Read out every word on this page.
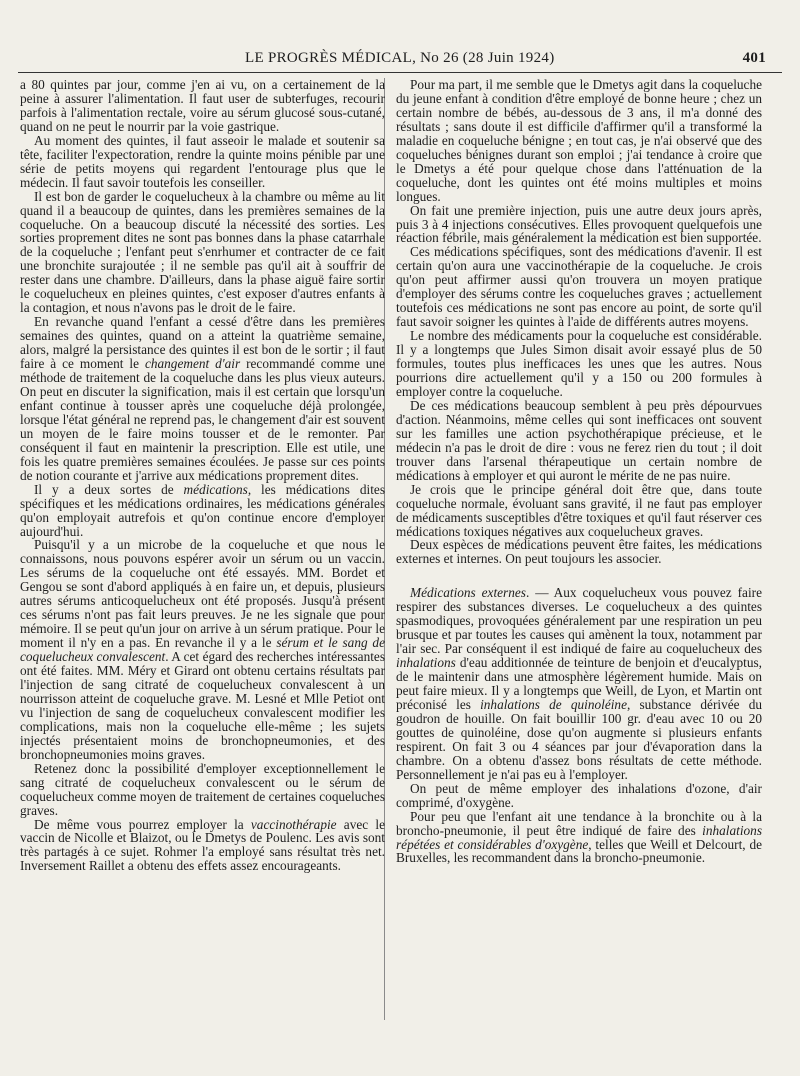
LE PROGRÈS MÉDICAL, No 26 (28 Juin 1924)	401

a 80 quintes par jour, comme j'en ai vu, on a certainement de la peine à assurer l'alimentation. Il faut user de subterfuges, recourir parfois à l'alimentation rectale, voire au sérum glucosé sous-cutané, quand on ne peut le nourrir par la voie gastrique.

Au moment des quintes, il faut asseoir le malade et soutenir sa tête, faciliter l'expectoration, rendre la quinte moins pénible par une série de petits moyens qui regardent l'entourage plus que le médecin. Il faut savoir toutefois les conseiller.

Il est bon de garder le coquelucheux à la chambre ou même au lit quand il a beaucoup de quintes, dans les premières semaines de la coqueluche. On a beaucoup discuté la nécessité des sorties. Les sorties proprement dites ne sont pas bonnes dans la phase catarrhale de la coqueluche ; l'enfant peut s'enrhumer et contracter de ce fait une bronchite surajoutée ; il ne semble pas qu'il ait à souffrir de rester dans une chambre. D'ailleurs, dans la phase aiguë faire sortir le coquelucheux en pleines quintes, c'est exposer d'autres enfants à la contagion, et nous n'avons pas le droit de le faire.

En revanche quand l'enfant a cessé d'être dans les premières semaines des quintes, quand on a atteint la quatrième semaine, alors, malgré la persistance des quintes il est bon de le sortir ; il faut faire à ce moment le changement d'air recommandé comme une méthode de traitement de la coqueluche dans les plus vieux auteurs. On peut en discuter la signification, mais il est certain que lorsqu'un enfant continue à tousser après une coqueluche déjà prolongée, lorsque l'état général ne reprend pas, le changement d'air est souvent un moyen de le faire moins tousser et de le remonter. Par conséquent il faut en maintenir la prescription. Elle est utile, une fois les quatre premières semaines écoulées. Je passe sur ces points de notion courante et j'arrive aux médications proprement dites.

Il y a deux sortes de médications, les médications dites spécifiques et les médications ordinaires, les médications générales qu'on employait autrefois et qu'on continue encore d'employer aujourd'hui.

Puisqu'il y a un microbe de la coqueluche et que nous le connaissons, nous pouvons espérer avoir un sérum ou un vaccin. Les sérums de la coqueluche ont été essayés. MM. Bordet et Gengou se sont d'abord appliqués à en faire un, et depuis, plusieurs autres sérums anticoquelucheux ont été proposés. Jusqu'à présent ces sérums n'ont pas fait leurs preuves. Je ne les signale que pour mémoire. Il se peut qu'un jour on arrive à un sérum pratique. Pour le moment il n'y en a pas. En revanche il y a le sérum et le sang de coquelucheux convalescent. A cet égard des recherches intéressantes ont été faites. MM. Méry et Girard ont obtenu certains résultats par l'injection de sang citraté de coquelucheux convalescent à un nourrisson atteint de coqueluche grave. M. Lesné et Mlle Petiot ont vu l'injection de sang de coquelucheux convalescent modifier les complications, mais non la coqueluche elle-même ; les sujets injectés présentaient moins de bronchopneumonies, et des bronchopneumonies moins graves.

Retenez donc la possibilité d'employer exceptionnellement le sang citraté de coquelucheux convalescent ou le sérum de coquelucheux comme moyen de traitement de certaines coqueluches graves.

De même vous pourrez employer la vaccinothérapie avec le vaccin de Nicolle et Blaizot, ou le Dmetys de Poulenc. Les avis sont très partagés à ce sujet. Rohmer l'a employé sans résultat très net. Inversement Raillet a obtenu des effets assez encourageants.

Pour ma part, il me semble que le Dmetys agit dans la coqueluche du jeune enfant à condition d'être employé de bonne heure ; chez un certain nombre de bébés, au-dessous de 3 ans, il m'a donné des résultats ; sans doute il est difficile d'affirmer qu'il a transformé la maladie en coqueluche bénigne ; en tout cas, je n'ai observé que des coqueluches bénignes durant son emploi ; j'ai tendance à croire que le Dmetys a été pour quelque chose dans l'atténuation de la coqueluche, dont les quintes ont été moins multiples et moins longues.

On fait une première injection, puis une autre deux jours après, puis 3 à 4 injections consécutives. Elles provoquent quelquefois une réaction fébrile, mais généralement la médication est bien supportée.

Ces médications spécifiques, sont des médications d'avenir. Il est certain qu'on aura une vaccinothérapie de la coqueluche. Je crois qu'on peut affirmer aussi qu'on trouvera un moyen pratique d'employer des sérums contre les coqueluches graves ; actuellement toutefois ces médications ne sont pas encore au point, de sorte qu'il faut savoir soigner les quintes à l'aide de différents autres moyens.

Le nombre des médicaments pour la coqueluche est considérable. Il y a longtemps que Jules Simon disait avoir essayé plus de 50 formules, toutes plus inefficaces les unes que les autres. Nous pourrions dire actuellement qu'il y a 150 ou 200 formules à employer contre la coqueluche.

De ces médications beaucoup semblent à peu près dépourvues d'action. Néanmoins, même celles qui sont inefficaces ont souvent sur les familles une action psychothérapique précieuse, et le médecin n'a pas le droit de dire : vous ne ferez rien du tout ; il doit trouver dans l'arsenal thérapeutique un certain nombre de médications à employer et qui auront le mérite de ne pas nuire.

Je crois que le principe général doit être que, dans toute coqueluche normale, évoluant sans gravité, il ne faut pas employer de médicaments susceptibles d'être toxiques et qu'il faut réserver ces médications toxiques négatives aux coquelucheux graves.

Deux espèces de médications peuvent être faites, les médications externes et internes. On peut toujours les associer.

Médications externes. — Aux coquelucheux vous pouvez faire respirer des substances diverses. Le coquelucheux a des quintes spasmodiques, provoquées généralement par une respiration un peu brusque et par toutes les causes qui amènent la toux, notamment par l'air sec. Par conséquent il est indiqué de faire au coquelucheux des inhalations d'eau additionnée de teinture de benjoin et d'eucalyptus, de le maintenir dans une atmosphère légèrement humide. Mais on peut faire mieux. Il y a longtemps que Weill, de Lyon, et Martin ont préconisé les inhalations de quinoléine, substance dérivée du goudron de houille. On fait bouillir 100 gr. d'eau avec 10 ou 20 gouttes de quinoléine, dose qu'on augmente si plusieurs enfants respirent. On fait 3 ou 4 séances par jour d'évaporation dans la chambre. On a obtenu d'assez bons résultats de cette méthode. Personnellement je n'ai pas eu à l'employer.

On peut de même employer des inhalations d'ozone, d'air comprimé, d'oxygène.

Pour peu que l'enfant ait une tendance à la bronchite ou à la broncho-pneumonie, il peut être indiqué de faire des inhalations répétées et considérables d'oxygène, telles que Weill et Delcourt, de Bruxelles, les recommandent dans la broncho-pneumonie.
